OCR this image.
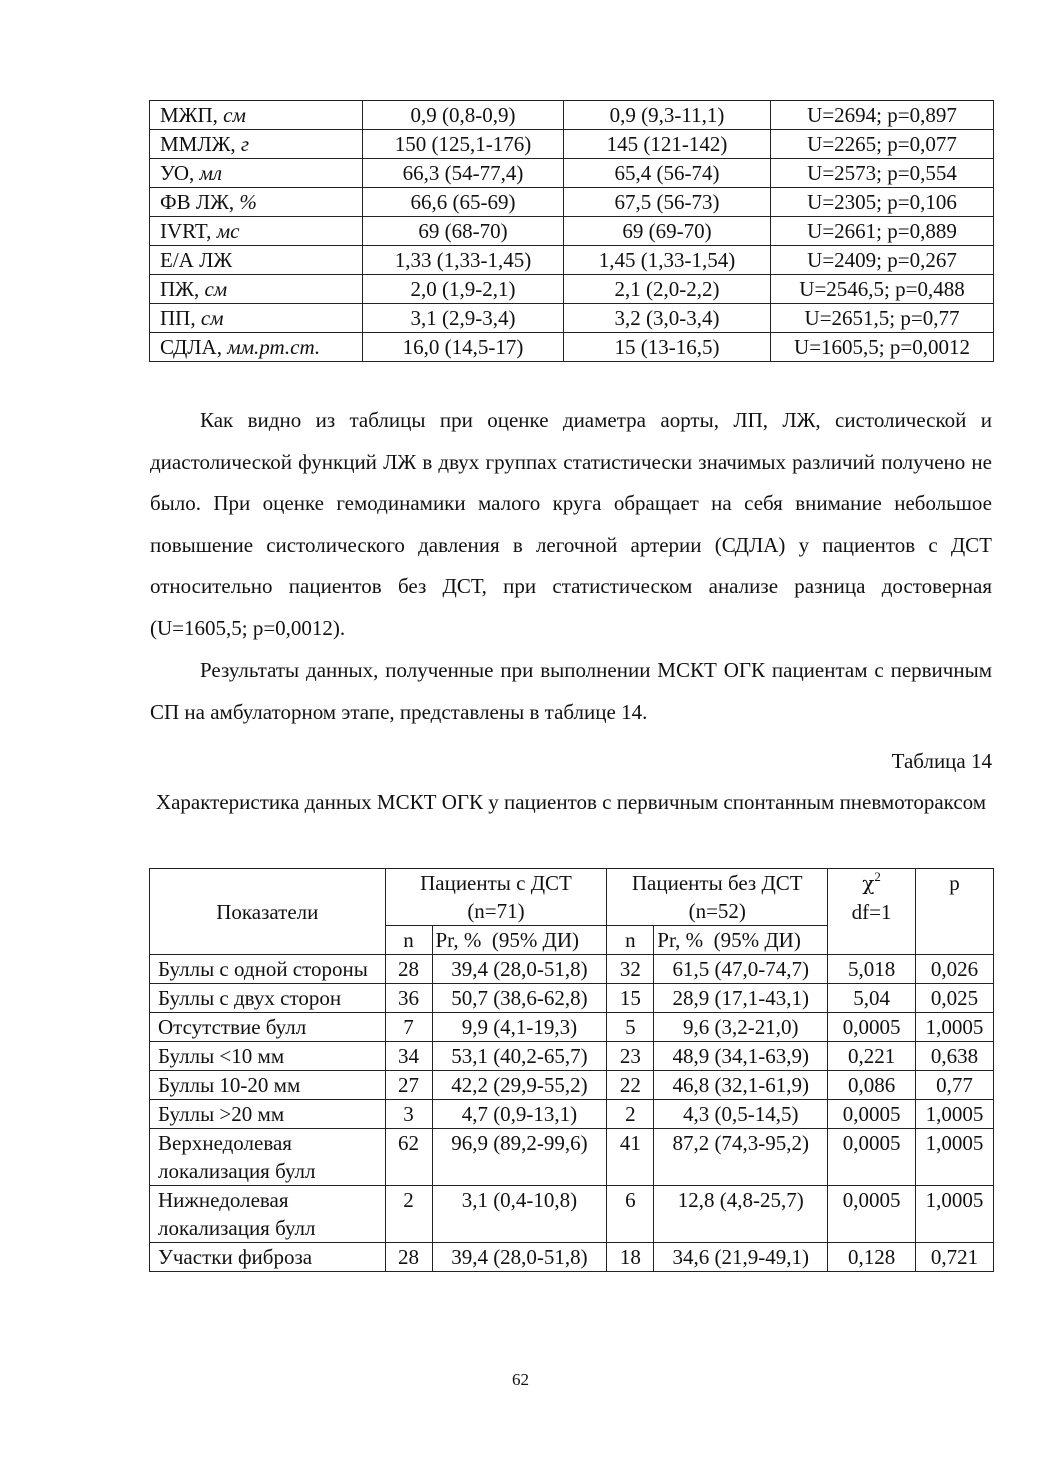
МЖП, см	0,9 (0,8-0,9)	0,9 (9,3-11,1)	U=2694; p=0,897
ММЛЖ, г	150 (125,1-176)	145 (121-142)	U=2265; p=0,077
УО, мл	66,3 (54-77,4)	65,4 (56-74)	U=2573; p=0,554
ФВ ЛЖ, %	66,6 (65-69)	67,5 (56-73)	U=2305; p=0,106
IVRT, мс	69 (68-70)	69 (69-70)	U=2661; p=0,889
Е/А ЛЖ	1,33 (1,33-1,45)	1,45 (1,33-1,54)	U=2409; p=0,267
ПЖ, см	2,0 (1,9-2,1)	2,1 (2,0-2,2)	U=2546,5; p=0,488
ПП, см	3,1 (2,9-3,4)	3,2 (3,0-3,4)	U=2651,5; p=0,77
СДЛА, мм.рт.ст.	16,0 (14,5-17)	15 (13-16,5)	U=1605,5; p=0,0012

Как видно из таблицы при оценке диаметра аорты, ЛП, ЛЖ, систолической и диастолической функций ЛЖ в двух группах статистически значимых различий получено не было. При оценке гемодинамики малого круга обращает на себя внимание небольшое повышение систолического давления в легочной артерии (СДЛА) у пациентов с ДСТ относительно пациентов без ДСТ, при статистическом анализе разница достоверная (U=1605,5; p=0,0012).

Результаты данных, полученные при выполнении МСКТ ОГК пациентам с первичным СП на амбулаторном этапе, представлены в таблице 14.

Таблица 14

Характеристика данных МСКТ ОГК у пациентов с первичным спонтанным пневмотораксом

Показатели	Пациенты с ДСТ (n=71)		Пациенты без ДСТ (n=52)		$\chi^2$
df=1	p
	n	Pr, %  (95% ДИ)	n	Pr, %  (95% ДИ)		
Буллы с одной стороны	28	39,4 (28,0-51,8)	32	61,5 (47,0-74,7)	5,018	0,026
Буллы с двух сторон	36	50,7 (38,6-62,8)	15	28,9 (17,1-43,1)	5,04	0,025
Отсутствие булл	7	9,9 (4,1-19,3)	5	9,6 (3,2-21,0)	0,0005	1,0005
Буллы <10 мм	34	53,1 (40,2-65,7)	23	48,9 (34,1-63,9)	0,221	0,638
Буллы 10-20 мм	27	42,2 (29,9-55,2)	22	46,8 (32,1-61,9)	0,086	0,77
Буллы >20 мм	3	4,7 (0,9-13,1)	2	4,3 (0,5-14,5)	0,0005	1,0005
Верхнедолевая локализация булл	62	96,9 (89,2-99,6)	41	87,2 (74,3-95,2)	0,0005	1,0005
Нижнедолевая локализация булл	2	3,1 (0,4-10,8)	6	12,8 (4,8-25,7)	0,0005	1,0005
Участки фиброза	28	39,4 (28,0-51,8)	18	34,6 (21,9-49,1)	0,128	0,721

62
